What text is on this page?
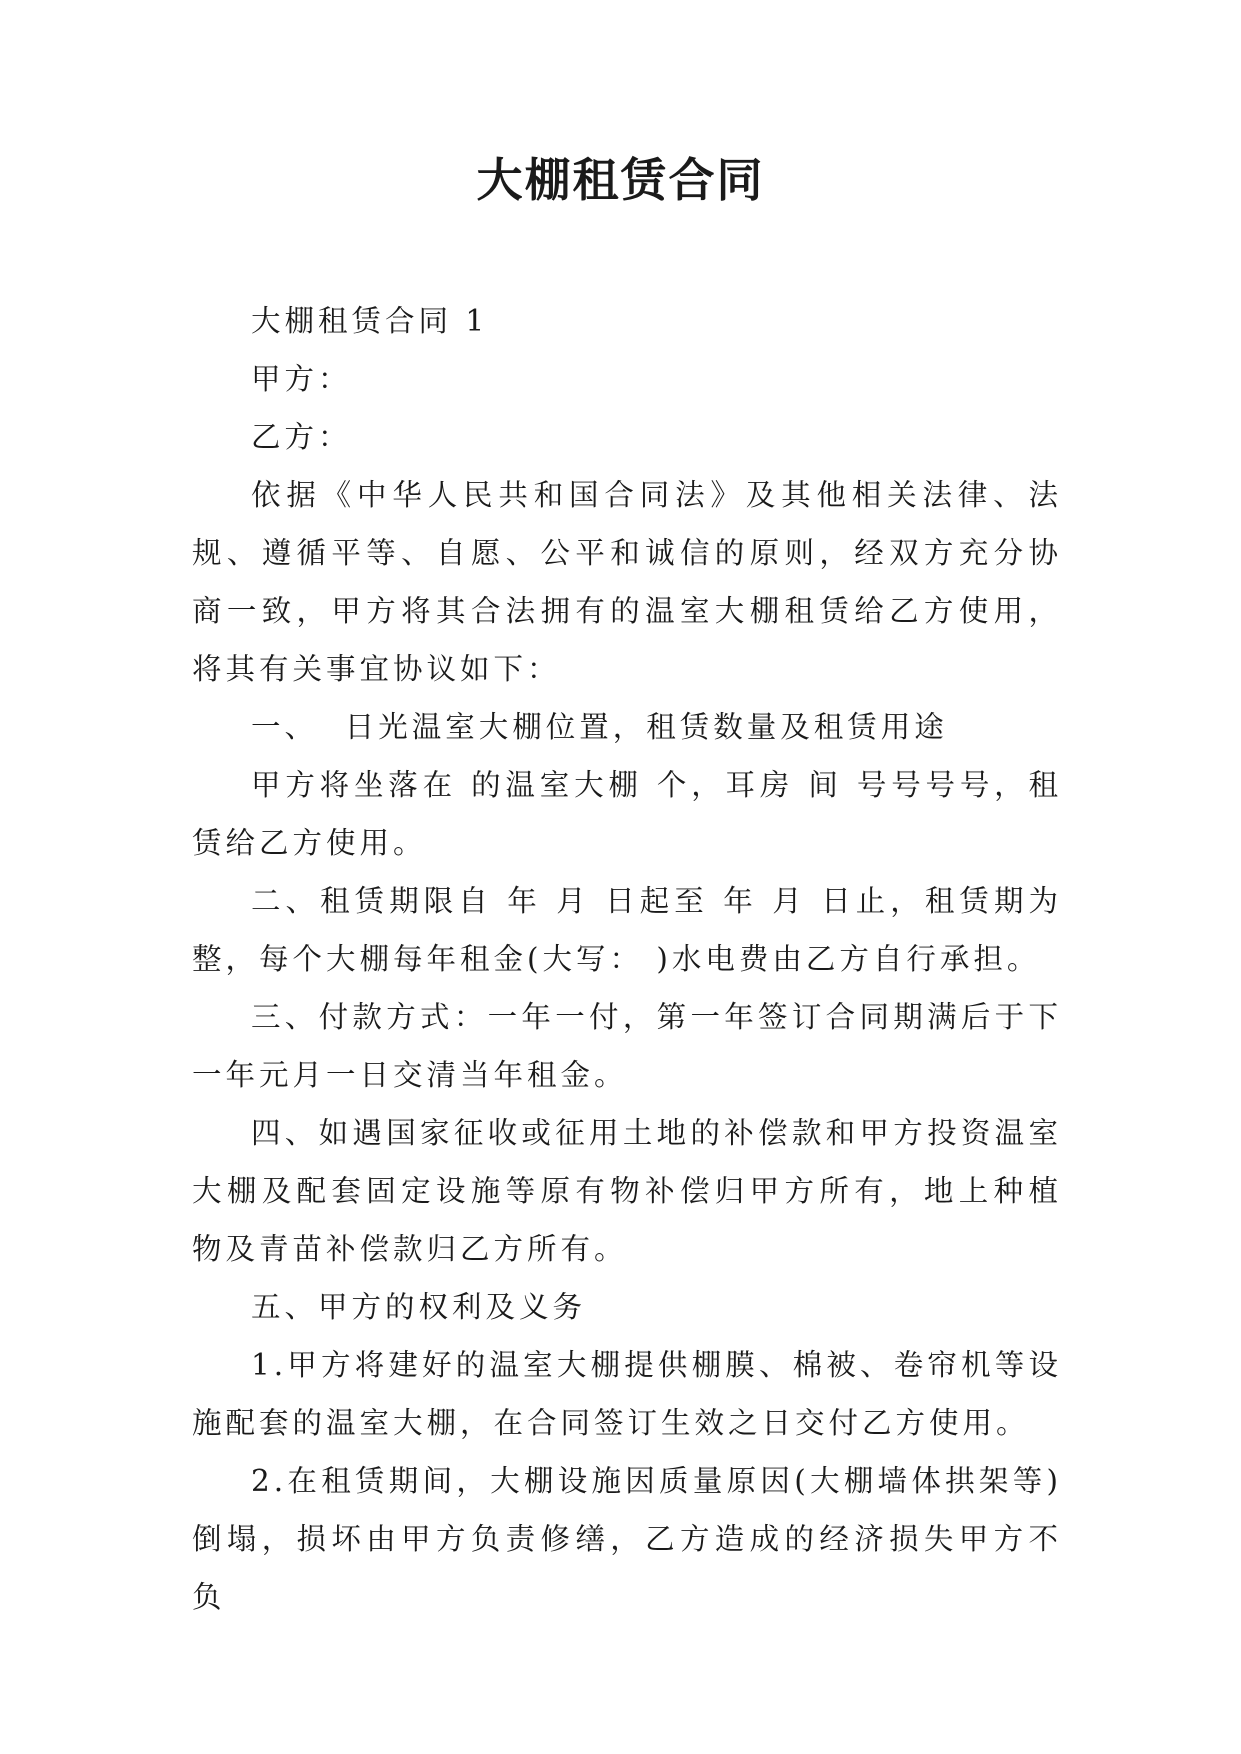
大棚租赁合同

大棚租赁合同 1

甲方：

乙方：

依据《中华人民共和国合同法》及其他相关法律、法规、遵循平等、自愿、公平和诚信的原则，经双方充分协商一致，甲方将其合法拥有的温室大棚租赁给乙方使用，将其有关事宜协议如下：

一、  日光温室大棚位置，租赁数量及租赁用途

甲方将坐落在 的温室大棚 个，耳房 间 号号号号，租赁给乙方使用。

二、租赁期限自 年 月 日起至 年 月 日止，租赁期为整，每个大棚每年租金(大写： )水电费由乙方自行承担。

三、付款方式：一年一付，第一年签订合同期满后于下一年元月一日交清当年租金。

四、如遇国家征收或征用土地的补偿款和甲方投资温室大棚及配套固定设施等原有物补偿归甲方所有，地上种植物及青苗补偿款归乙方所有。

五、甲方的权利及义务

1.甲方将建好的温室大棚提供棚膜、棉被、卷帘机等设施配套的温室大棚，在合同签订生效之日交付乙方使用。

2.在租赁期间，大棚设施因质量原因(大棚墙体拱架等)倒塌，损坏由甲方负责修缮，乙方造成的经济损失甲方不负
